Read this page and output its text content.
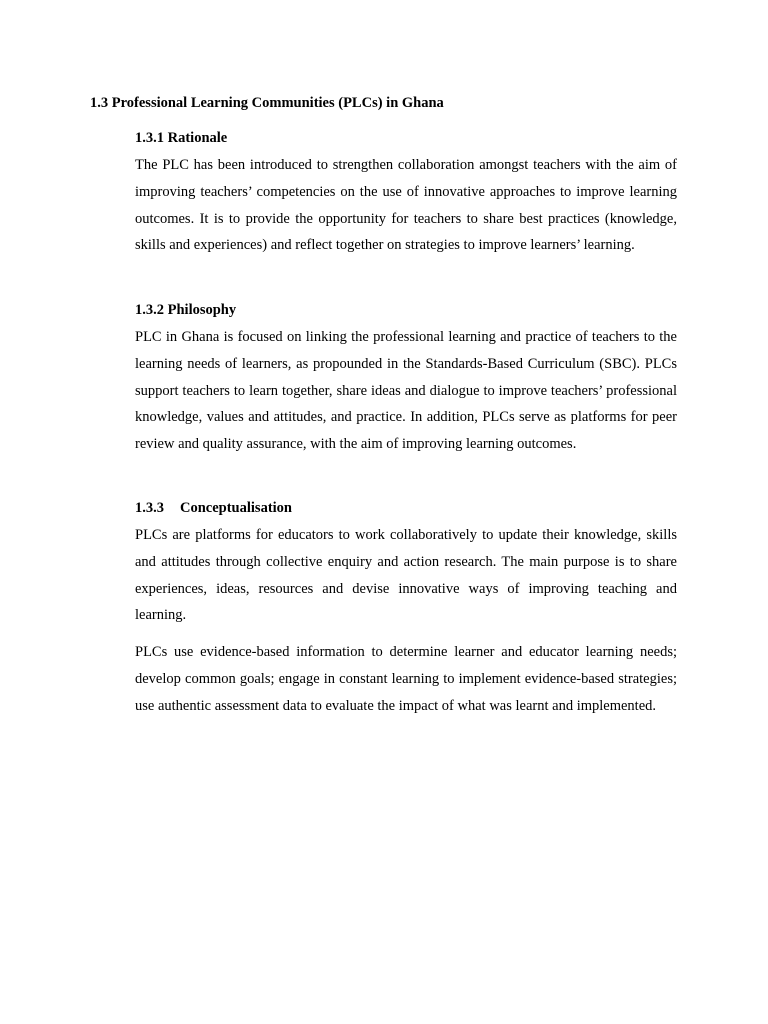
1.3 Professional Learning Communities (PLCs) in Ghana
1.3.1 Rationale

The PLC has been introduced to strengthen collaboration amongst teachers with the aim of improving teachers’ competencies on the use of innovative approaches to improve learning outcomes. It is to provide the opportunity for teachers to share best practices (knowledge, skills and experiences) and reflect together on strategies to improve learners’ learning.

1.3.2 Philosophy

PLC in Ghana is focused on linking the professional learning and practice of teachers to the learning needs of learners, as propounded in the Standards-Based Curriculum (SBC). PLCs support teachers to learn together, share ideas and dialogue to improve teachers’ professional knowledge, values and attitudes, and practice. In addition, PLCs serve as platforms for peer review and quality assurance, with the aim of improving learning outcomes.

1.3.3 Conceptualisation

PLCs are platforms for educators to work collaboratively to update their knowledge, skills and attitudes through collective enquiry and action research. The main purpose is to share experiences, ideas, resources and devise innovative ways of improving teaching and learning.

PLCs use evidence-based information to determine learner and educator learning needs; develop common goals; engage in constant learning to implement evidence-based strategies; use authentic assessment data to evaluate the impact of what was learnt and implemented.
